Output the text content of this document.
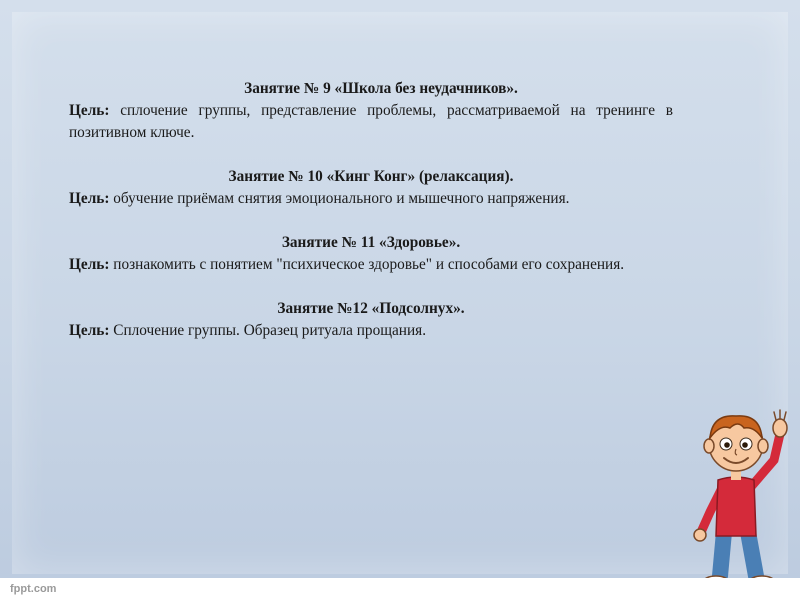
Занятие № 9 «Школа без неудачников».
Цель: сплочение группы, представление проблемы, рассматриваемой на тренинге в позитивном ключе.
Занятие № 10 «Кинг Конг» (релаксация).
Цель: обучение приёмам снятия эмоционального и мышечного напряжения.
Занятие № 11 «Здоровье».
Цель: познакомить с понятием "психическое здоровье" и способами его сохранения.
Занятие №12 «Подсолнух».
Цель: Сплочение группы. Образец ритуала прощания.
fppt.com
